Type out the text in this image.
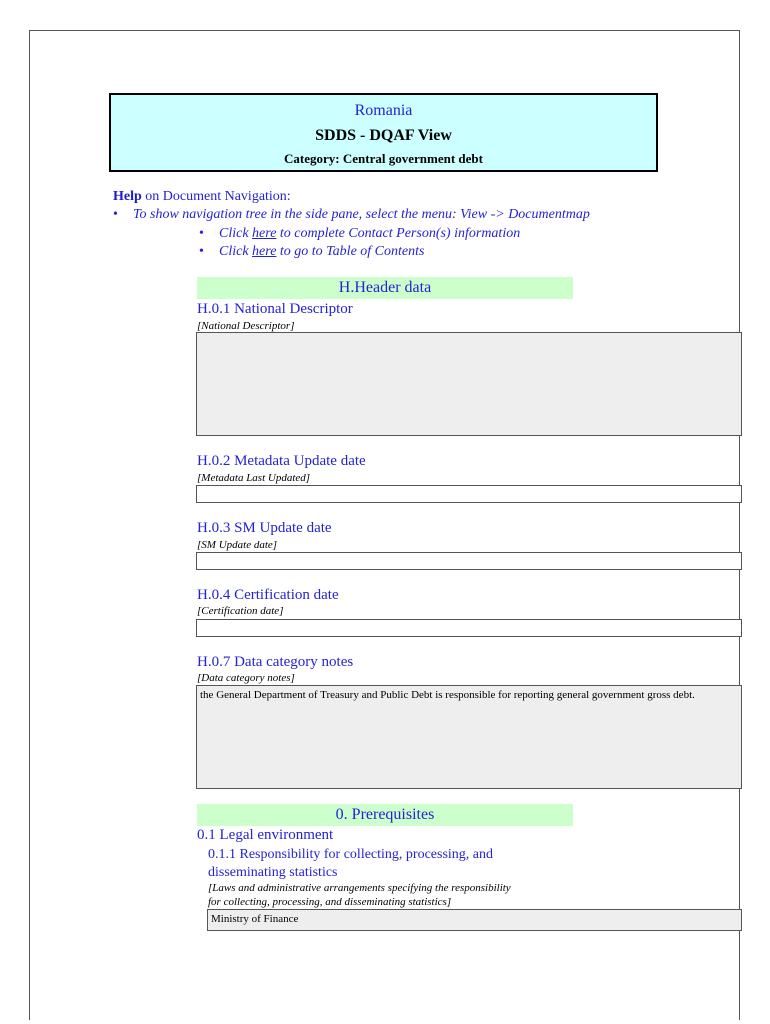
Romania
SDDS - DQAF View
Category: Central government debt
Help on Document Navigation:
• To show navigation tree in the side pane, select the menu: View -> Documentmap
• Click here to complete Contact Person(s) information
• Click here to go to Table of Contents
H.Header data
H.0.1 National Descriptor
[National Descriptor]
H.0.2 Metadata Update date
[Metadata Last Updated]
H.0.3 SM Update date
[SM Update date]
H.0.4 Certification date
[Certification date]
H.0.7 Data category notes
[Data category notes]
the General Department of Treasury and Public Debt is responsible for reporting general government gross debt.
0. Prerequisites
0.1 Legal environment
0.1.1 Responsibility for collecting, processing, and
disseminating statistics
[Laws and administrative arrangements specifying the responsibility
for collecting, processing, and disseminating statistics]
Ministry of Finance
